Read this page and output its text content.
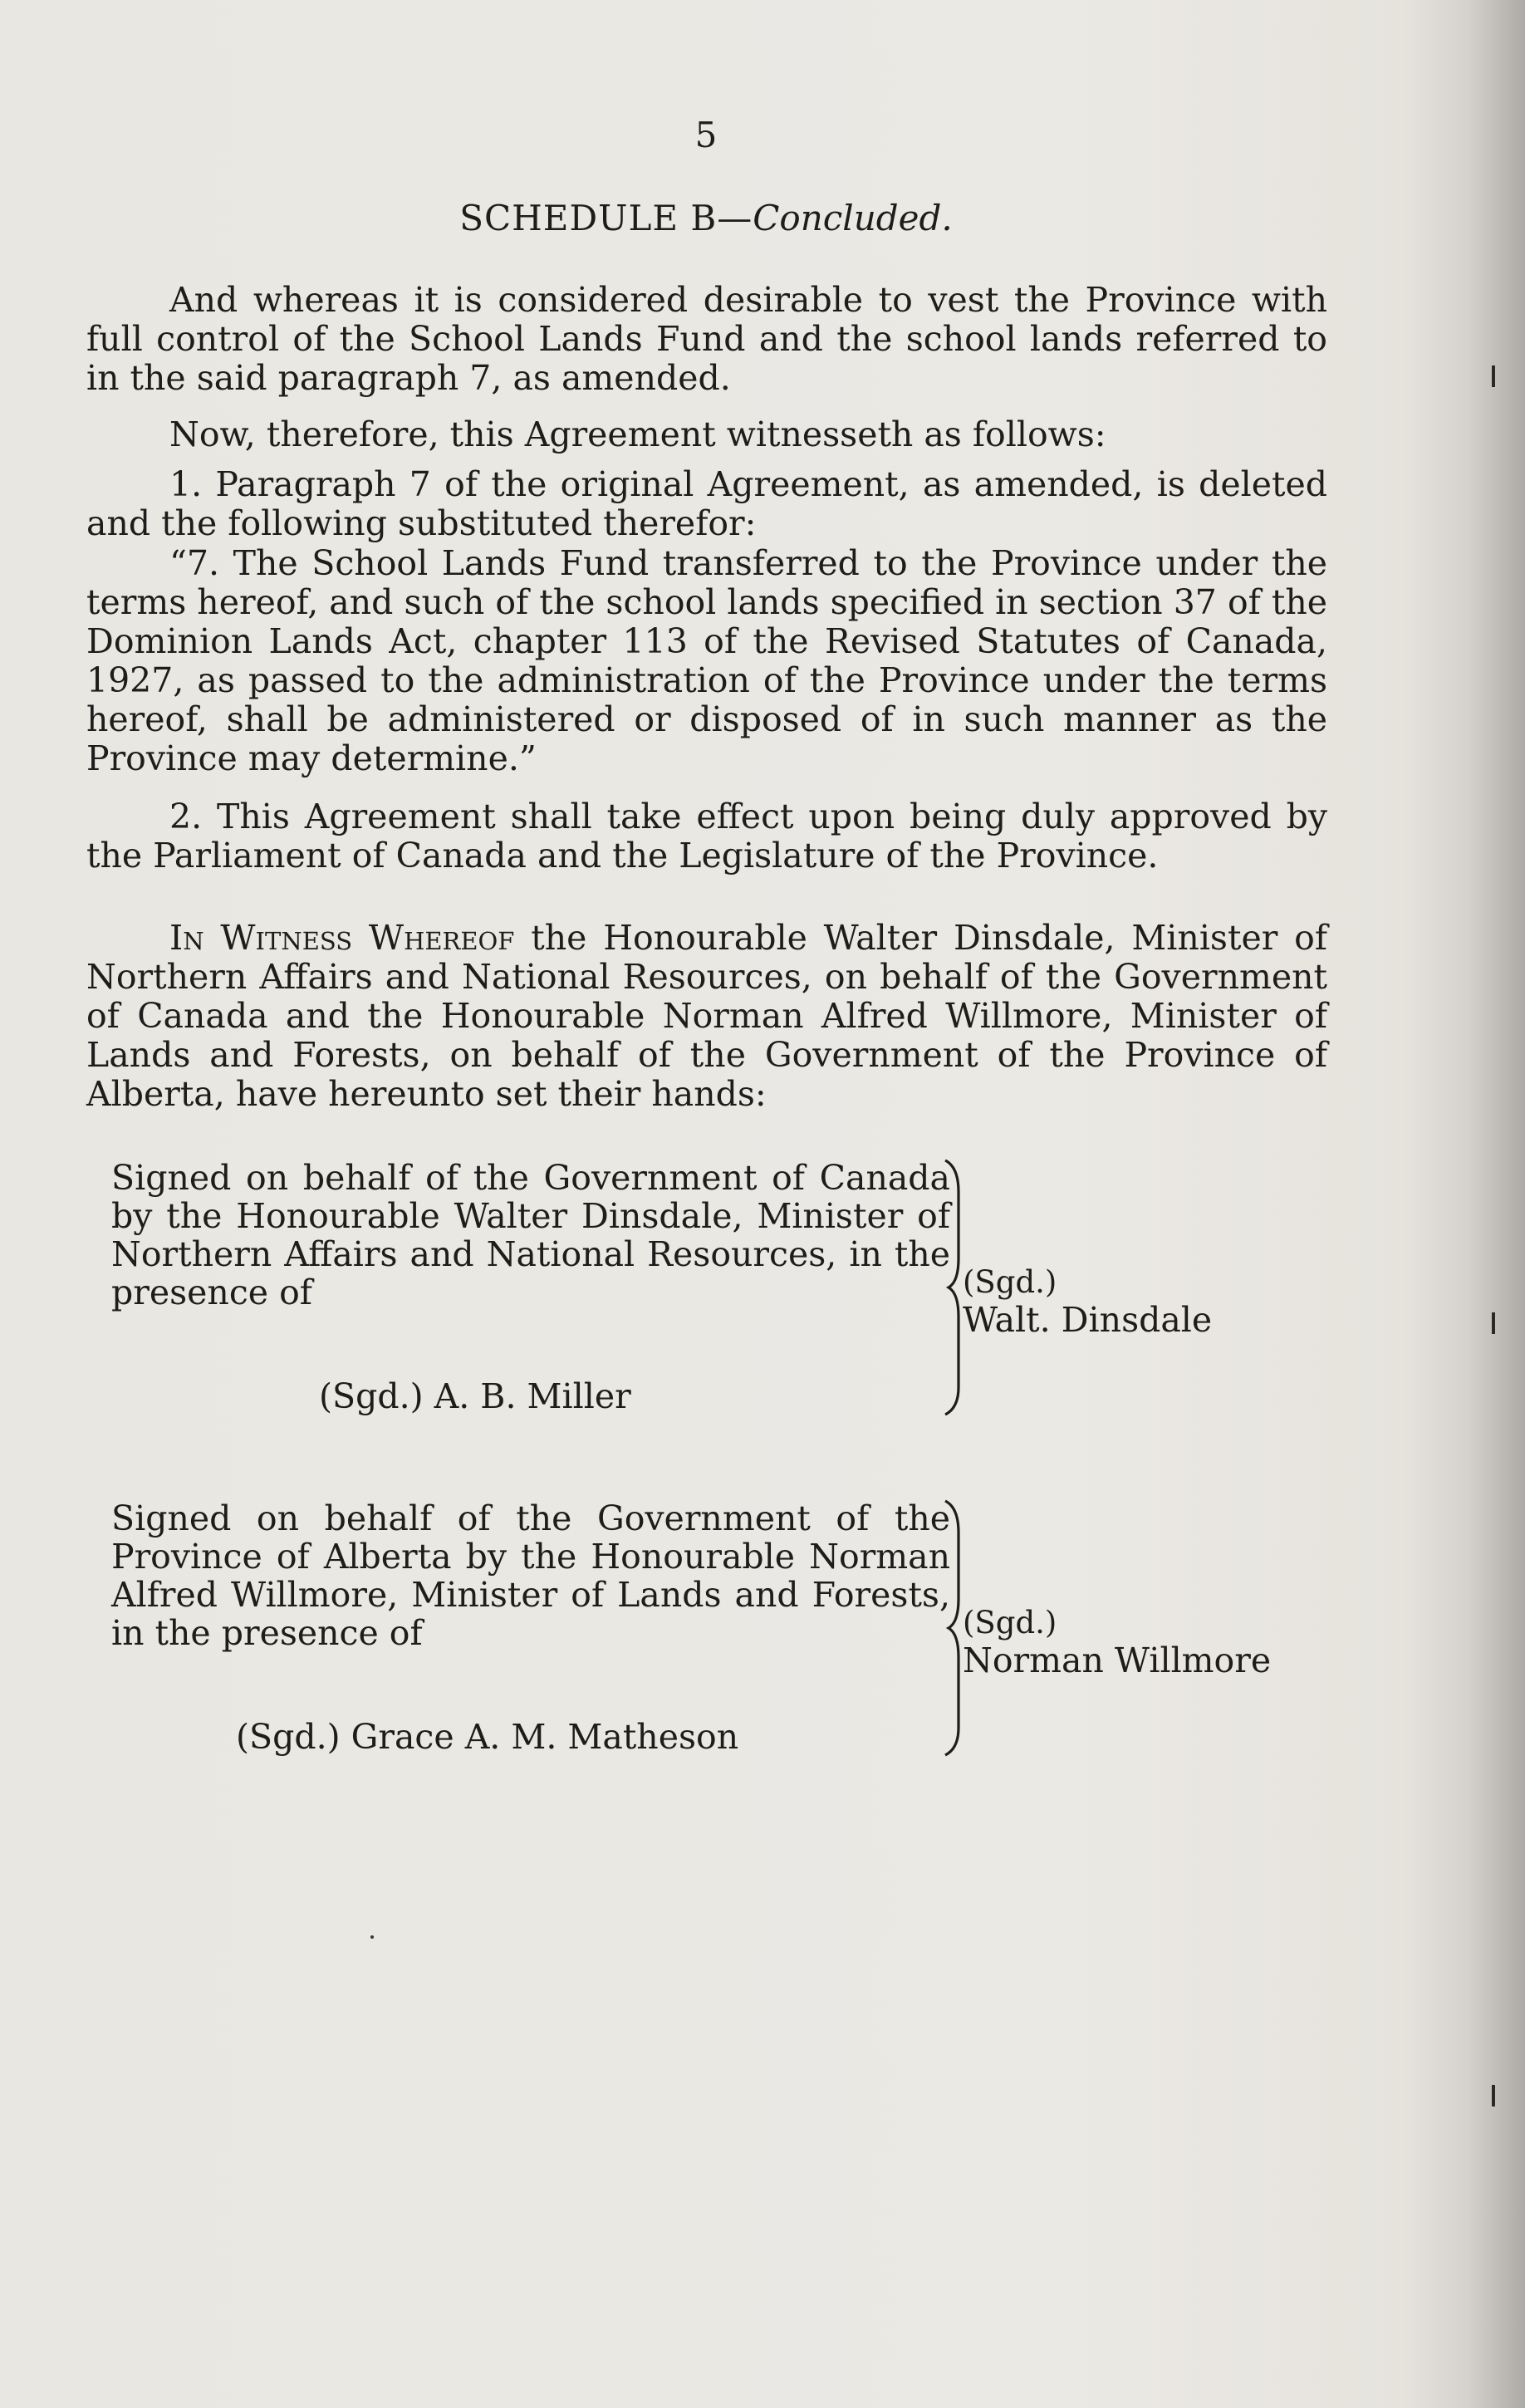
5
SCHEDULE B—Concluded.

And whereas it is considered desirable to vest the Province with full control of the School Lands Fund and the school lands referred to in the said paragraph 7, as amended.

Now, therefore, this Agreement witnesseth as follows:

1. Paragraph 7 of the original Agreement, as amended, is deleted and the following substituted therefor:

“7. The School Lands Fund transferred to the Province under the terms hereof, and such of the school lands specified in section 37 of the Dominion Lands Act, chapter 113 of the Revised Statutes of Canada, 1927, as passed to the administration of the Province under the terms hereof, shall be administered or disposed of in such manner as the Province may determine.”

2. This Agreement shall take effect upon being duly approved by the Parliament of Canada and the Legislature of the Province.

In Witness Whereof the Honourable Walter Dinsdale, Minister of Northern Affairs and National Resources, on behalf of the Government of Canada and the Honourable Norman Alfred Willmore, Minister of Lands and Forests, on behalf of the Government of the Province of Alberta, have hereunto set their hands:

Signed on behalf of the Government of Canada by the Honourable Walter Dinsdale, Minister of Northern Affairs and National Resources, in the presence of
(Sgd.) A. B. Miller
(Sgd.)
Walt. Dinsdale
Signed on behalf of the Government of the Province of Alberta by the Honourable Norman Alfred Willmore, Minister of Lands and Forests, in the presence of
(Sgd.) Grace A. M. Matheson
(Sgd.)
Norman Willmore
